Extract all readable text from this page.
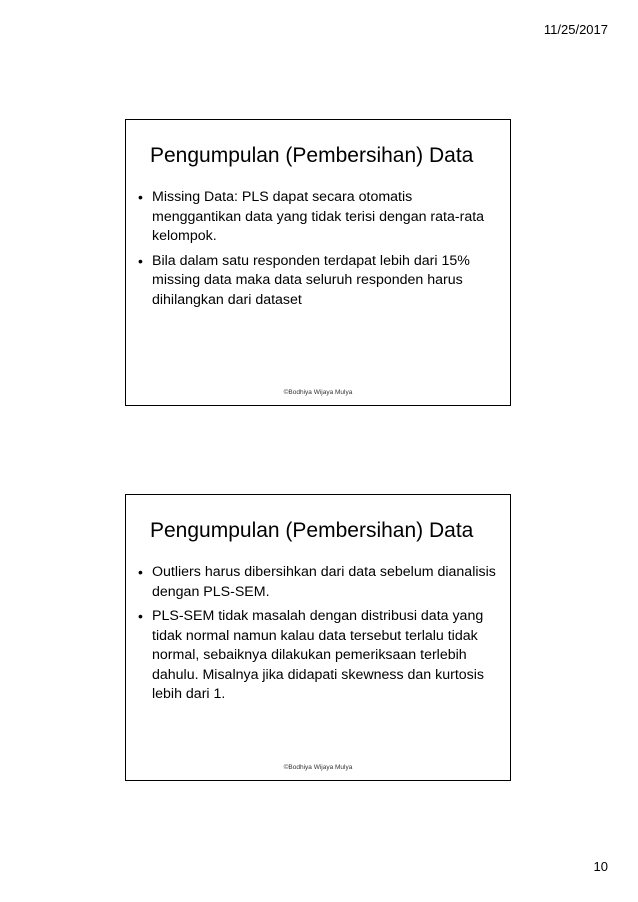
11/25/2017
Pengumpulan (Pembersihan) Data
• Missing Data: PLS dapat secara otomatis menggantikan data yang tidak terisi dengan rata-rata kelompok.
• Bila dalam satu responden terdapat lebih dari 15% missing data maka data seluruh responden harus dihilangkan dari dataset
©Bodhiya Wijaya Mulya
Pengumpulan (Pembersihan) Data
• Outliers harus dibersihkan dari data sebelum dianalisis dengan PLS-SEM.
• PLS-SEM tidak masalah dengan distribusi data yang tidak normal namun kalau data tersebut terlalu tidak normal, sebaiknya dilakukan pemeriksaan terlebih dahulu. Misalnya jika didapati skewness dan kurtosis lebih dari 1.
©Bodhiya Wijaya Mulya
10
